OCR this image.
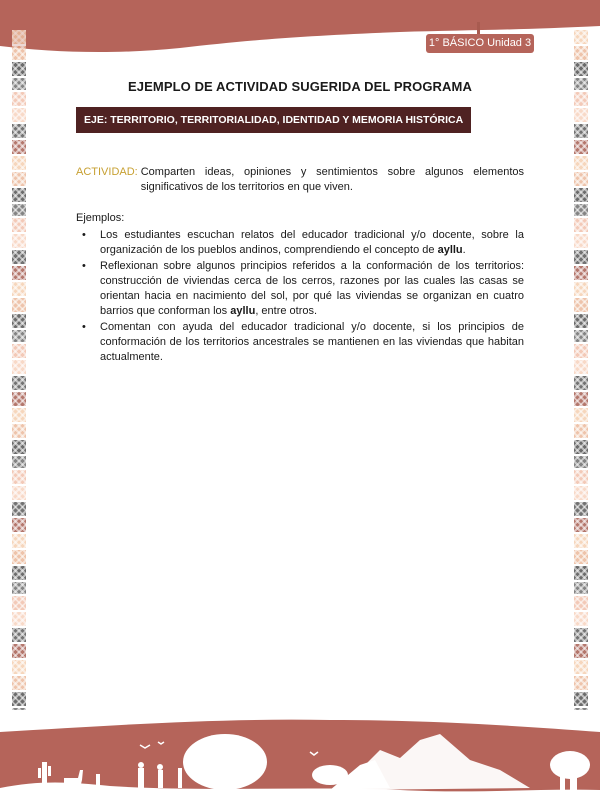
1° BÁSICO Unidad 3
EJEMPLO DE ACTIVIDAD SUGERIDA DEL PROGRAMA
EJE: TERRITORIO, TERRITORIALIDAD, IDENTIDAD Y MEMORIA HISTÓRICA
ACTIVIDAD: Comparten ideas, opiniones y sentimientos sobre algunos elementos significativos de los territorios en que viven.
Ejemplos:
• Los estudiantes escuchan relatos del educador tradicional y/o docente, sobre la organización de los pueblos andinos, comprendiendo el concepto de ayllu.
• Reflexionan sobre algunos principios referidos a la conformación de los territorios: construcción de viviendas cerca de los cerros, razones por las cuales las casas se orientan hacia en nacimiento del sol, por qué las viviendas se organizan en cuatro barrios que conforman los ayllu, entre otros.
• Comentan con ayuda del educador tradicional y/o docente, si los principios de conformación de los territorios ancestrales se mantienen en las viviendas que habitan actualmente.
